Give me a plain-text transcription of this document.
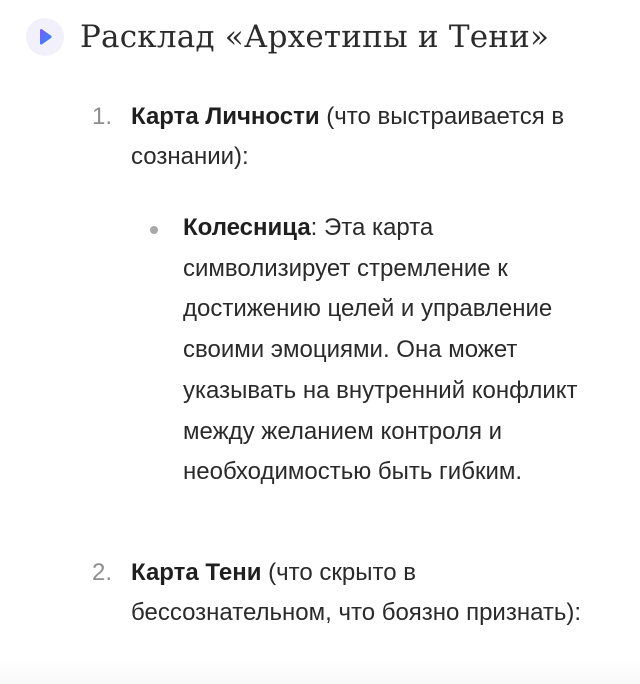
Расклад «Архетипы и Тени»
1. Карта Личности (что выстраивается в сознании):
Колесница: Эта карта символизирует стремление к достижению целей и управление своими эмоциями. Она может указывать на внутренний конфликт между желанием контроля и необходимостью быть гибким.
2. Карта Тени (что скрыто в бессознательном, что боязно признать):
